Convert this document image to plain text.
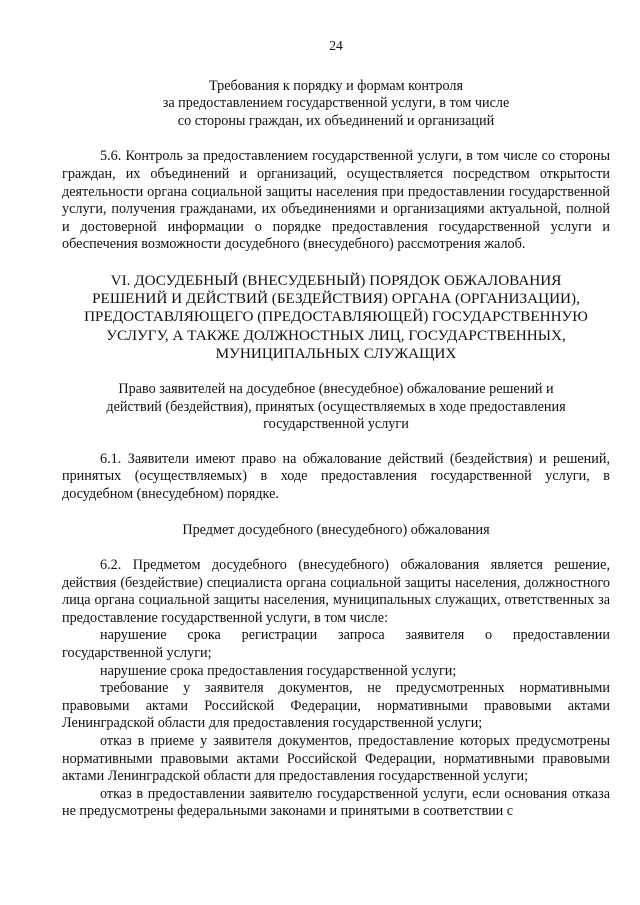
24

Требования к порядку и формам контроля

за предоставлением государственной услуги, в том числе

со стороны граждан, их объединений и организаций

5.6. Контроль за предоставлением государственной услуги, в том числе со стороны граждан, их объединений и организаций, осуществляется посредством открытости деятельности органа социальной защиты населения при предоставлении государственной услуги, получения гражданами, их объединениями и организациями актуальной, полной и достоверной информации о порядке предоставления государственной услуги и обеспечения возможности досудебного (внесудебного) рассмотрения жалоб.

VI. ДОСУДЕБНЫЙ (ВНЕСУДЕБНЫЙ) ПОРЯДОК ОБЖАЛОВАНИЯ
РЕШЕНИЙ И ДЕЙСТВИЙ (БЕЗДЕЙСТВИЯ) ОРГАНА (ОРГАНИЗАЦИИ),
ПРЕДОСТАВЛЯЮЩЕГО (ПРЕДОСТАВЛЯЮЩЕЙ) ГОСУДАРСТВЕННУЮ
УСЛУГУ, А ТАКЖЕ ДОЛЖНОСТНЫХ ЛИЦ, ГОСУДАРСТВЕННЫХ,
МУНИЦИПАЛЬНЫХ СЛУЖАЩИХ

Право заявителей на досудебное (внесудебное) обжалование решений и

действий (бездействия), принятых (осуществляемых в ходе предоставления

государственной услуги

6.1. Заявители имеют право на обжалование действий (бездействия) и решений, принятых (осуществляемых) в ходе предоставления государственной услуги, в досудебном (внесудебном) порядке.

Предмет досудебного (внесудебного) обжалования

6.2. Предметом досудебного (внесудебного) обжалования является решение, действия (бездействие) специалиста органа социальной защиты населения, должностного лица органа социальной защиты населения, муниципальных служащих, ответственных за предоставление государственной услуги, в том числе:

нарушение срока регистрации запроса заявителя о предоставлении государственной услуги;

нарушение срока предоставления государственной услуги;

требование у заявителя документов, не предусмотренных нормативными правовыми актами Российской Федерации, нормативными правовыми актами Ленинградской области для предоставления государственной услуги;

отказ в приеме у заявителя документов, предоставление которых предусмотрены нормативными правовыми актами Российской Федерации, нормативными правовыми актами Ленинградской области для предоставления государственной услуги;

отказ в предоставлении заявителю государственной услуги, если основания отказа не предусмотрены федеральными законами и принятыми в соответствии с
